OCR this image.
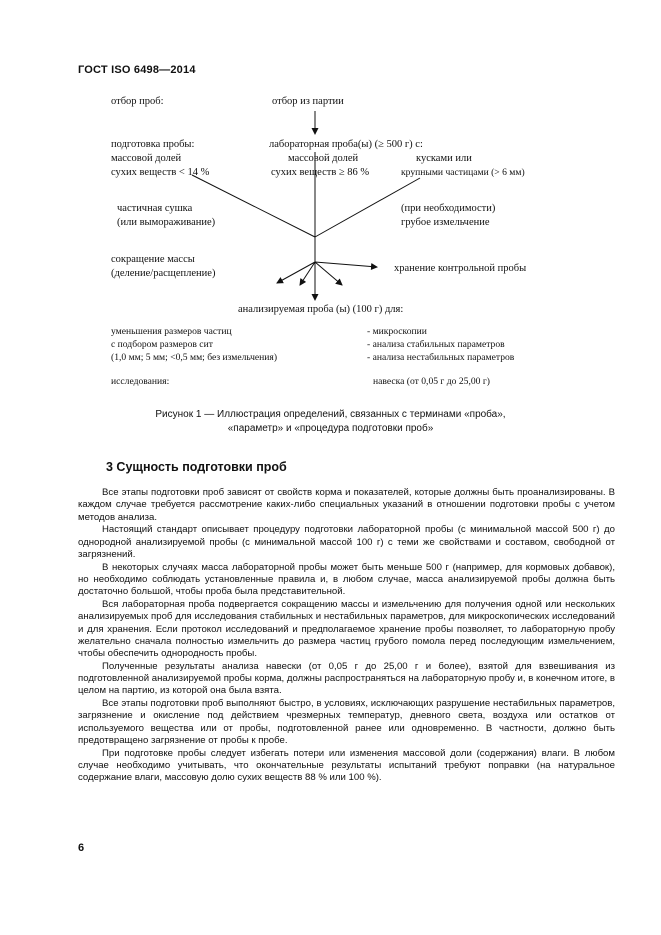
ГОСТ ISO 6498—2014
отбор проб:	отбор из партии
подготовка пробы:
массовой долей
сухих веществ < 14 %
лабораторная проба(ы) (≥ 500 г) с:
массовой долей
сухих веществ ≥ 86 %
кусками или
крупными частицами (> 6 мм)
частичная сушка
(или вымораживание)
(при необходимости)
грубое измельчение
сокращение массы
(деление/расщепление)	хранение контрольной пробы
анализируемая проба (ы) (100 г) для:
уменьшения размеров частиц
с подбором размеров сит
(1,0 мм; 5 мм; <0,5 мм; без измельчения)
- микроскопии
- анализа стабильных параметров
- анализа нестабильных параметров
исследования:	навеска (от 0,05 г до 25,00 г)
Рисунок 1 — Иллюстрация определений, связанных с терминами «проба»,
«параметр» и «процедура подготовки проб»
3 Сущность подготовки проб

Все этапы подготовки проб зависят от свойств корма и показателей, которые должны быть проанализированы. В каждом случае требуется рассмотрение каких-либо специальных указаний в отношении подготовки пробы с учетом методов анализа.

Настоящий стандарт описывает процедуру подготовки лабораторной пробы (с минимальной массой 500 г) до однородной анализируемой пробы (с минимальной массой 100 г) с теми же свойствами и составом, свободной от загрязнений.

В некоторых случаях масса лабораторной пробы может быть меньше 500 г (например, для кормовых добавок), но необходимо соблюдать установленные правила и, в любом случае, масса анализируемой пробы должна быть достаточно большой, чтобы проба была представительной.

Вся лабораторная проба подвергается сокращению массы и измельчению для получения одной или нескольких анализируемых проб для исследования стабильных и нестабильных параметров, для микроскопических исследований и для хранения. Если протокол исследований и предполагаемое хранение пробы позволяет, то лабораторную пробу желательно сначала полностью измельчить до размера частиц грубого помола перед последующим измельчением, чтобы обеспечить однородность пробы.

Полученные результаты анализа навески (от 0,05 г до 25,00 г и более), взятой для взвешивания из подготовленной анализируемой пробы корма, должны распространяться на лабораторную пробу и, в конечном итоге, в целом на партию, из которой она была взята.

Все этапы подготовки проб выполняют быстро, в условиях, исключающих разрушение нестабильных параметров, загрязнение и окисление под действием чрезмерных температур, дневного света, воздуха или остатков от используемого вещества или от пробы, подготовленной ранее или одновременно. В частности, должно быть предотвращено загрязнение от пробы к пробе.

При подготовке пробы следует избегать потери или изменения массовой доли (содержания) влаги. В любом случае необходимо учитывать, что окончательные результаты испытаний требуют поправки (на натуральное содержание влаги, массовую долю сухих веществ 88 % или 100 %).

6
